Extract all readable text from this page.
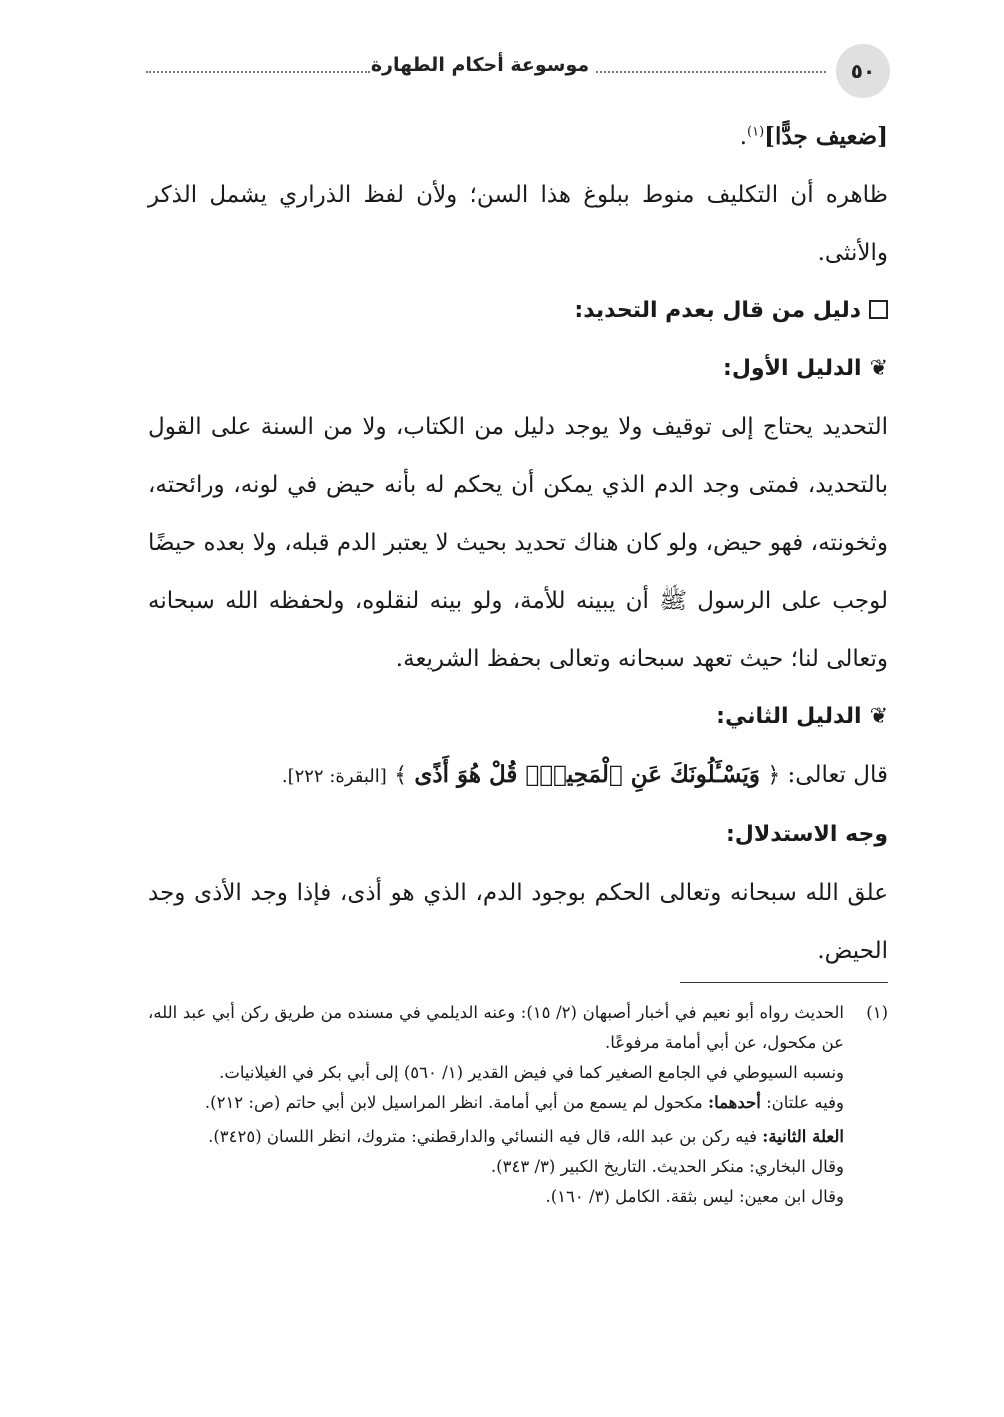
٥٠
موسوعة أحكام الطهارة

[ضعيف جدًّا]$^{(١)}$.

ظاهره أن التكليف منوط ببلوغ هذا السن؛ ولأن لفظ الذراري يشمل الذكر والأنثى.

دليل من قال بعدم التحديد:

❦الدليل الأول:

التحديد يحتاج إلى توقيف ولا يوجد دليل من الكتاب، ولا من السنة على القول بالتحديد، فمتى وجد الدم الذي يمكن أن يحكم له بأنه حيض في لونه، ورائحته، وثخونته، فهو حيض، ولو كان هناك تحديد بحيث لا يعتبر الدم قبله، ولا بعده حيضًا لوجب على الرسول ﷺ أن يبينه للأمة، ولو بينه لنقلوه، ولحفظه الله سبحانه وتعالى لنا؛ حيث تعهد سبحانه وتعالى بحفظ الشريعة.

❦الدليل الثاني:

قال تعالى: ﴿ وَيَسْـَٔلُونَكَ عَنِ ٱلْمَحِيضِۖ قُلْ هُوَ أَذًى ﴾ [البقرة: ٢٢٢].

وجه الاستدلال:

علق الله سبحانه وتعالى الحكم بوجود الدم، الذي هو أذى، فإذا وجد الأذى وجد الحيض.

(١)

الحديث رواه أبو نعيم في أخبار أصبهان (٢/ ١٥): وعنه الديلمي في مسنده من طريق ركن أبي عبد الله، عن مكحول، عن أبي أمامة مرفوعًا.

ونسبه السيوطي في الجامع الصغير كما في فيض القدير (١/ ٥٦٠) إلى أبي بكر في الغيلانيات.

وفيه علتان: أحدهما: مكحول لم يسمع من أبي أمامة. انظر المراسيل لابن أبي حاتم (ص: ٢١٢).

العلة الثانية: فيه ركن بن عبد الله، قال فيه النسائي والدارقطني: متروك، انظر اللسان (٣٤٢٥).

وقال البخاري: منكر الحديث. التاريخ الكبير (٣/ ٣٤٣).

وقال ابن معين: ليس بثقة. الكامل (٣/ ١٦٠).
